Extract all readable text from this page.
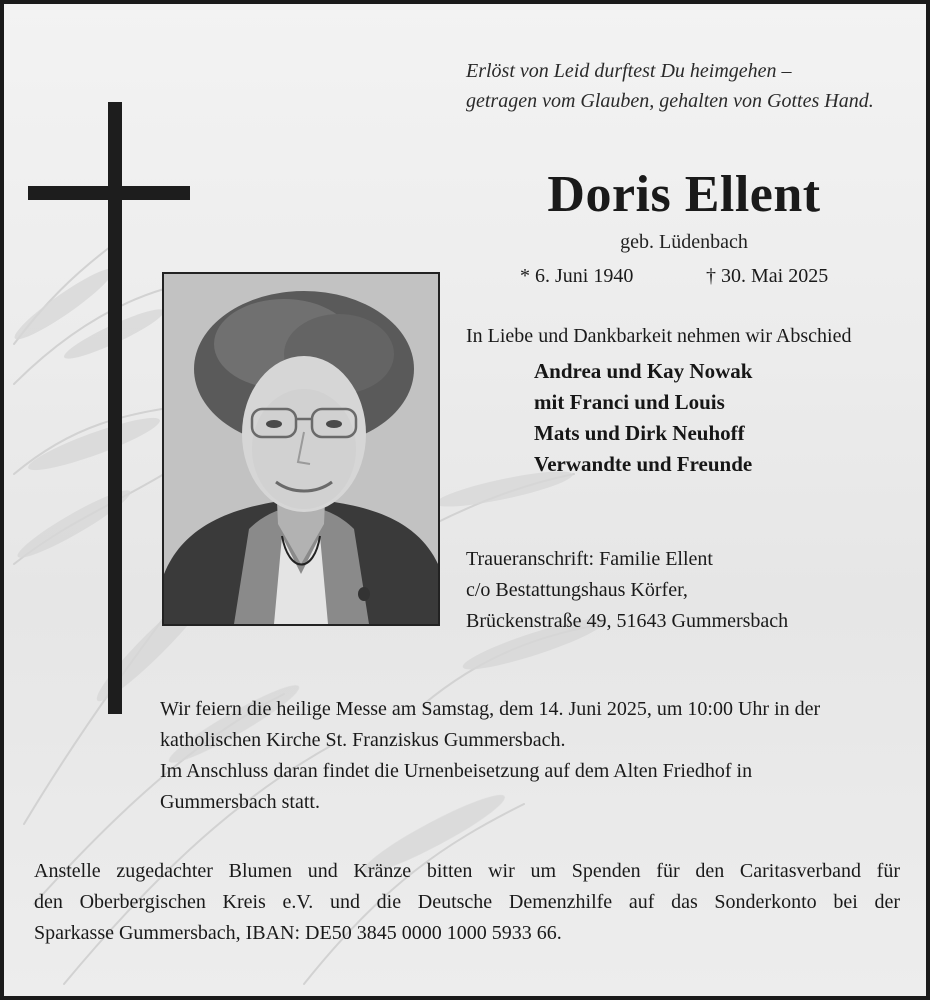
Erlöst von Leid durftest Du heimgehen –
getragen vom Glauben, gehalten von Gottes Hand.
Doris Ellent
geb. Lüdenbach
* 6. Juni 1940	† 30. Mai 2025
In Liebe und Dankbarkeit nehmen wir Abschied
Andrea und Kay Nowak
mit Franci und Louis
Mats und Dirk Neuhoff
Verwandte und Freunde
Traueranschrift: Familie Ellent
c/o Bestattungshaus Körfer,
Brückenstraße 49, 51643 Gummersbach
Wir feiern die heilige Messe am Samstag, dem 14. Juni 2025, um 10:00 Uhr in der
katholischen Kirche St. Franziskus Gummersbach.
Im Anschluss daran findet die Urnenbeisetzung auf dem Alten Friedhof in
Gummersbach statt.
Anstelle zugedachter Blumen und Kränze bitten wir um Spenden für den Caritasverband für
den Oberbergischen Kreis e.V. und die Deutsche Demenzhilfe auf das Sonderkonto bei der
Sparkasse Gummersbach, IBAN: DE50 3845 0000 1000 5933 66.
